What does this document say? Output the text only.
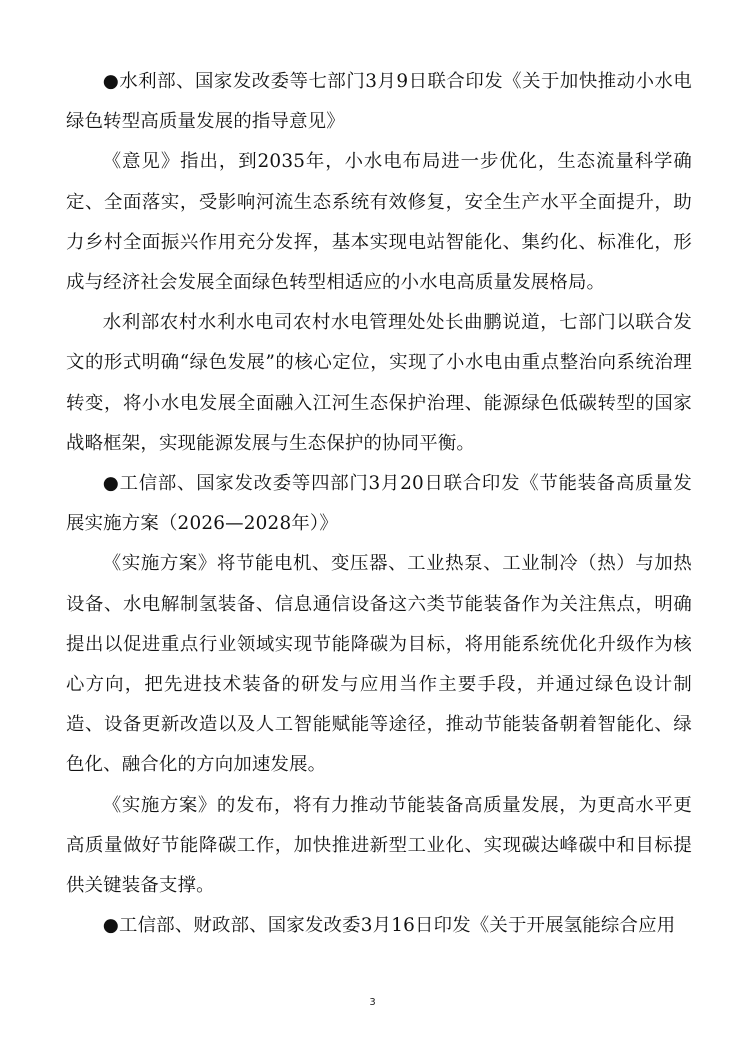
●水利部、国家发改委等七部门3月9日联合印发《关于加快推动小水电绿色转型高质量发展的指导意见》

《意见》指出，到2035年，小水电布局进一步优化，生态流量科学确定、全面落实，受影响河流生态系统有效修复，安全生产水平全面提升，助力乡村全面振兴作用充分发挥，基本实现电站智能化、集约化、标准化，形成与经济社会发展全面绿色转型相适应的小水电高质量发展格局。

水利部农村水利水电司农村水电管理处处长曲鹏说道，七部门以联合发文的形式明确“绿色发展”的核心定位，实现了小水电由重点整治向系统治理转变，将小水电发展全面融入江河生态保护治理、能源绿色低碳转型的国家战略框架，实现能源发展与生态保护的协同平衡。

●工信部、国家发改委等四部门3月20日联合印发《节能装备高质量发展实施方案（2026—2028年）》

《实施方案》将节能电机、变压器、工业热泵、工业制冷（热）与加热设备、水电解制氢装备、信息通信设备这六类节能装备作为关注焦点，明确提出以促进重点行业领域实现节能降碳为目标，将用能系统优化升级作为核心方向，把先进技术装备的研发与应用当作主要手段，并通过绿色设计制造、设备更新改造以及人工智能赋能等途径，推动节能装备朝着智能化、绿色化、融合化的方向加速发展。

《实施方案》的发布，将有力推动节能装备高质量发展，为更高水平更高质量做好节能降碳工作，加快推进新型工业化、实现碳达峰碳中和目标提供关键装备支撑。

●工信部、财政部、国家发改委3月16日印发《关于开展氢能综合应用

3
